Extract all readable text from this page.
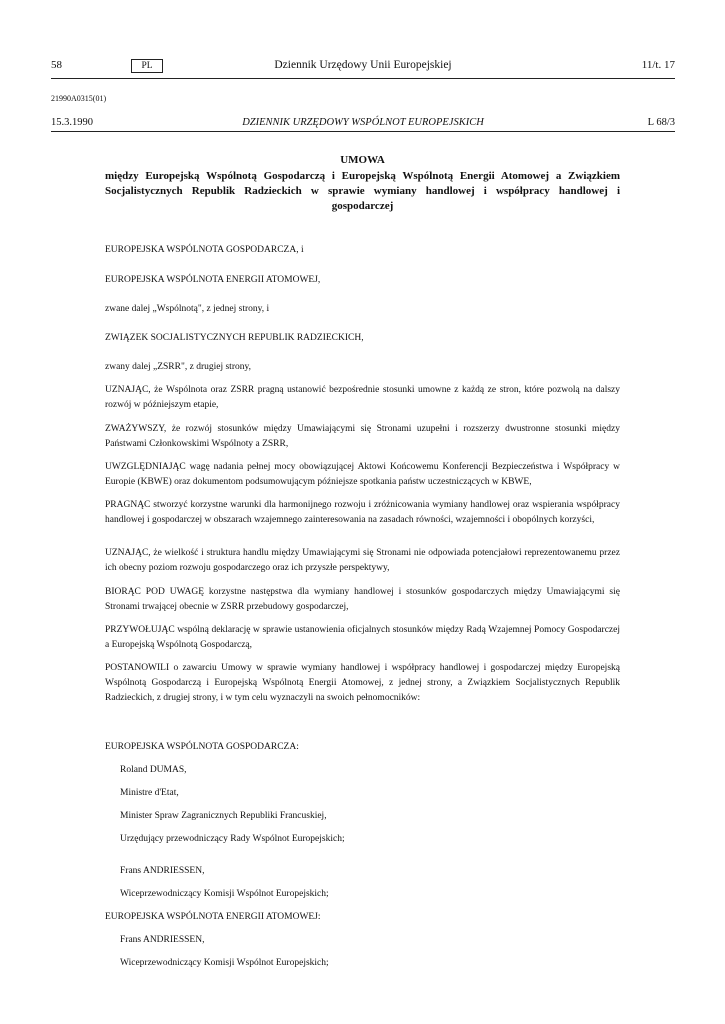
58	PL	Dziennik Urzędowy Unii Europejskiej	11/t. 17
21990A0315(01)
15.3.1990	DZIENNIK URZĘDOWY WSPÓLNOT EUROPEJSKICH	L 68/3
UMOWA
między Europejską Wspólnotą Gospodarczą i Europejską Wspólnotą Energii Atomowej a Związkiem Socjalistycznych Republik Radzieckich w sprawie wymiany handlowej i współpracy handlowej i gospodarczej
EUROPEJSKA WSPÓLNOTA GOSPODARCZA, i
EUROPEJSKA WSPÓLNOTA ENERGII ATOMOWEJ,
zwane dalej „Wspólnotą", z jednej strony, i
ZWIĄZEK SOCJALISTYCZNYCH REPUBLIK RADZIECKICH,
zwany dalej „ZSRR", z drugiej strony,
UZNAJĄC, że Wspólnota oraz ZSRR pragną ustanowić bezpośrednie stosunki umowne z każdą ze stron, które pozwolą na dalszy rozwój w późniejszym etapie,
ZWAŻYWSZY, że rozwój stosunków między Umawiającymi się Stronami uzupełni i rozszerzy dwustronne stosunki między Państwami Członkowskimi Wspólnoty a ZSRR,
UWZGLĘDNIAJĄC wagę nadania pełnej mocy obowiązującej Aktowi Końcowemu Konferencji Bezpieczeństwa i Współpracy w Europie (KBWE) oraz dokumentom podsumowującym późniejsze spotkania państw uczestniczących w KBWE,
PRAGNĄC stworzyć korzystne warunki dla harmonijnego rozwoju i zróżnicowania wymiany handlowej oraz wspierania współpracy handlowej i gospodarczej w obszarach wzajemnego zainteresowania na zasadach równości, wzajemności i obopólnych korzyści,
UZNAJĄC, że wielkość i struktura handlu między Umawiającymi się Stronami nie odpowiada potencjałowi reprezentowanemu przez ich obecny poziom rozwoju gospodarczego oraz ich przyszłe perspektywy,
BIORĄC POD UWAGĘ korzystne następstwa dla wymiany handlowej i stosunków gospodarczych między Umawiającymi się Stronami trwającej obecnie w ZSRR przebudowy gospodarczej,
PRZYWOŁUJĄC wspólną deklarację w sprawie ustanowienia oficjalnych stosunków między Radą Wzajemnej Pomocy Gospodarczej a Europejską Wspólnotą Gospodarczą,
POSTANOWILI o zawarciu Umowy w sprawie wymiany handlowej i współpracy handlowej i gospodarczej między Europejską Wspólnotą Gospodarczą i Europejską Wspólnotą Energii Atomowej, z jednej strony, a Związkiem Socjalistycznych Republik Radzieckich, z drugiej strony, i w tym celu wyznaczyli na swoich pełnomocników:
EUROPEJSKA WSPÓLNOTA GOSPODARCZA:
Roland DUMAS,
Ministre d'Etat,
Minister Spraw Zagranicznych Republiki Francuskiej,
Urzędujący przewodniczący Rady Wspólnot Europejskich;
Frans ANDRIESSEN,
Wiceprzewodniczący Komisji Wspólnot Europejskich;
EUROPEJSKA WSPÓLNOTA ENERGII ATOMOWEJ:
Frans ANDRIESSEN,
Wiceprzewodniczący Komisji Wspólnot Europejskich;
